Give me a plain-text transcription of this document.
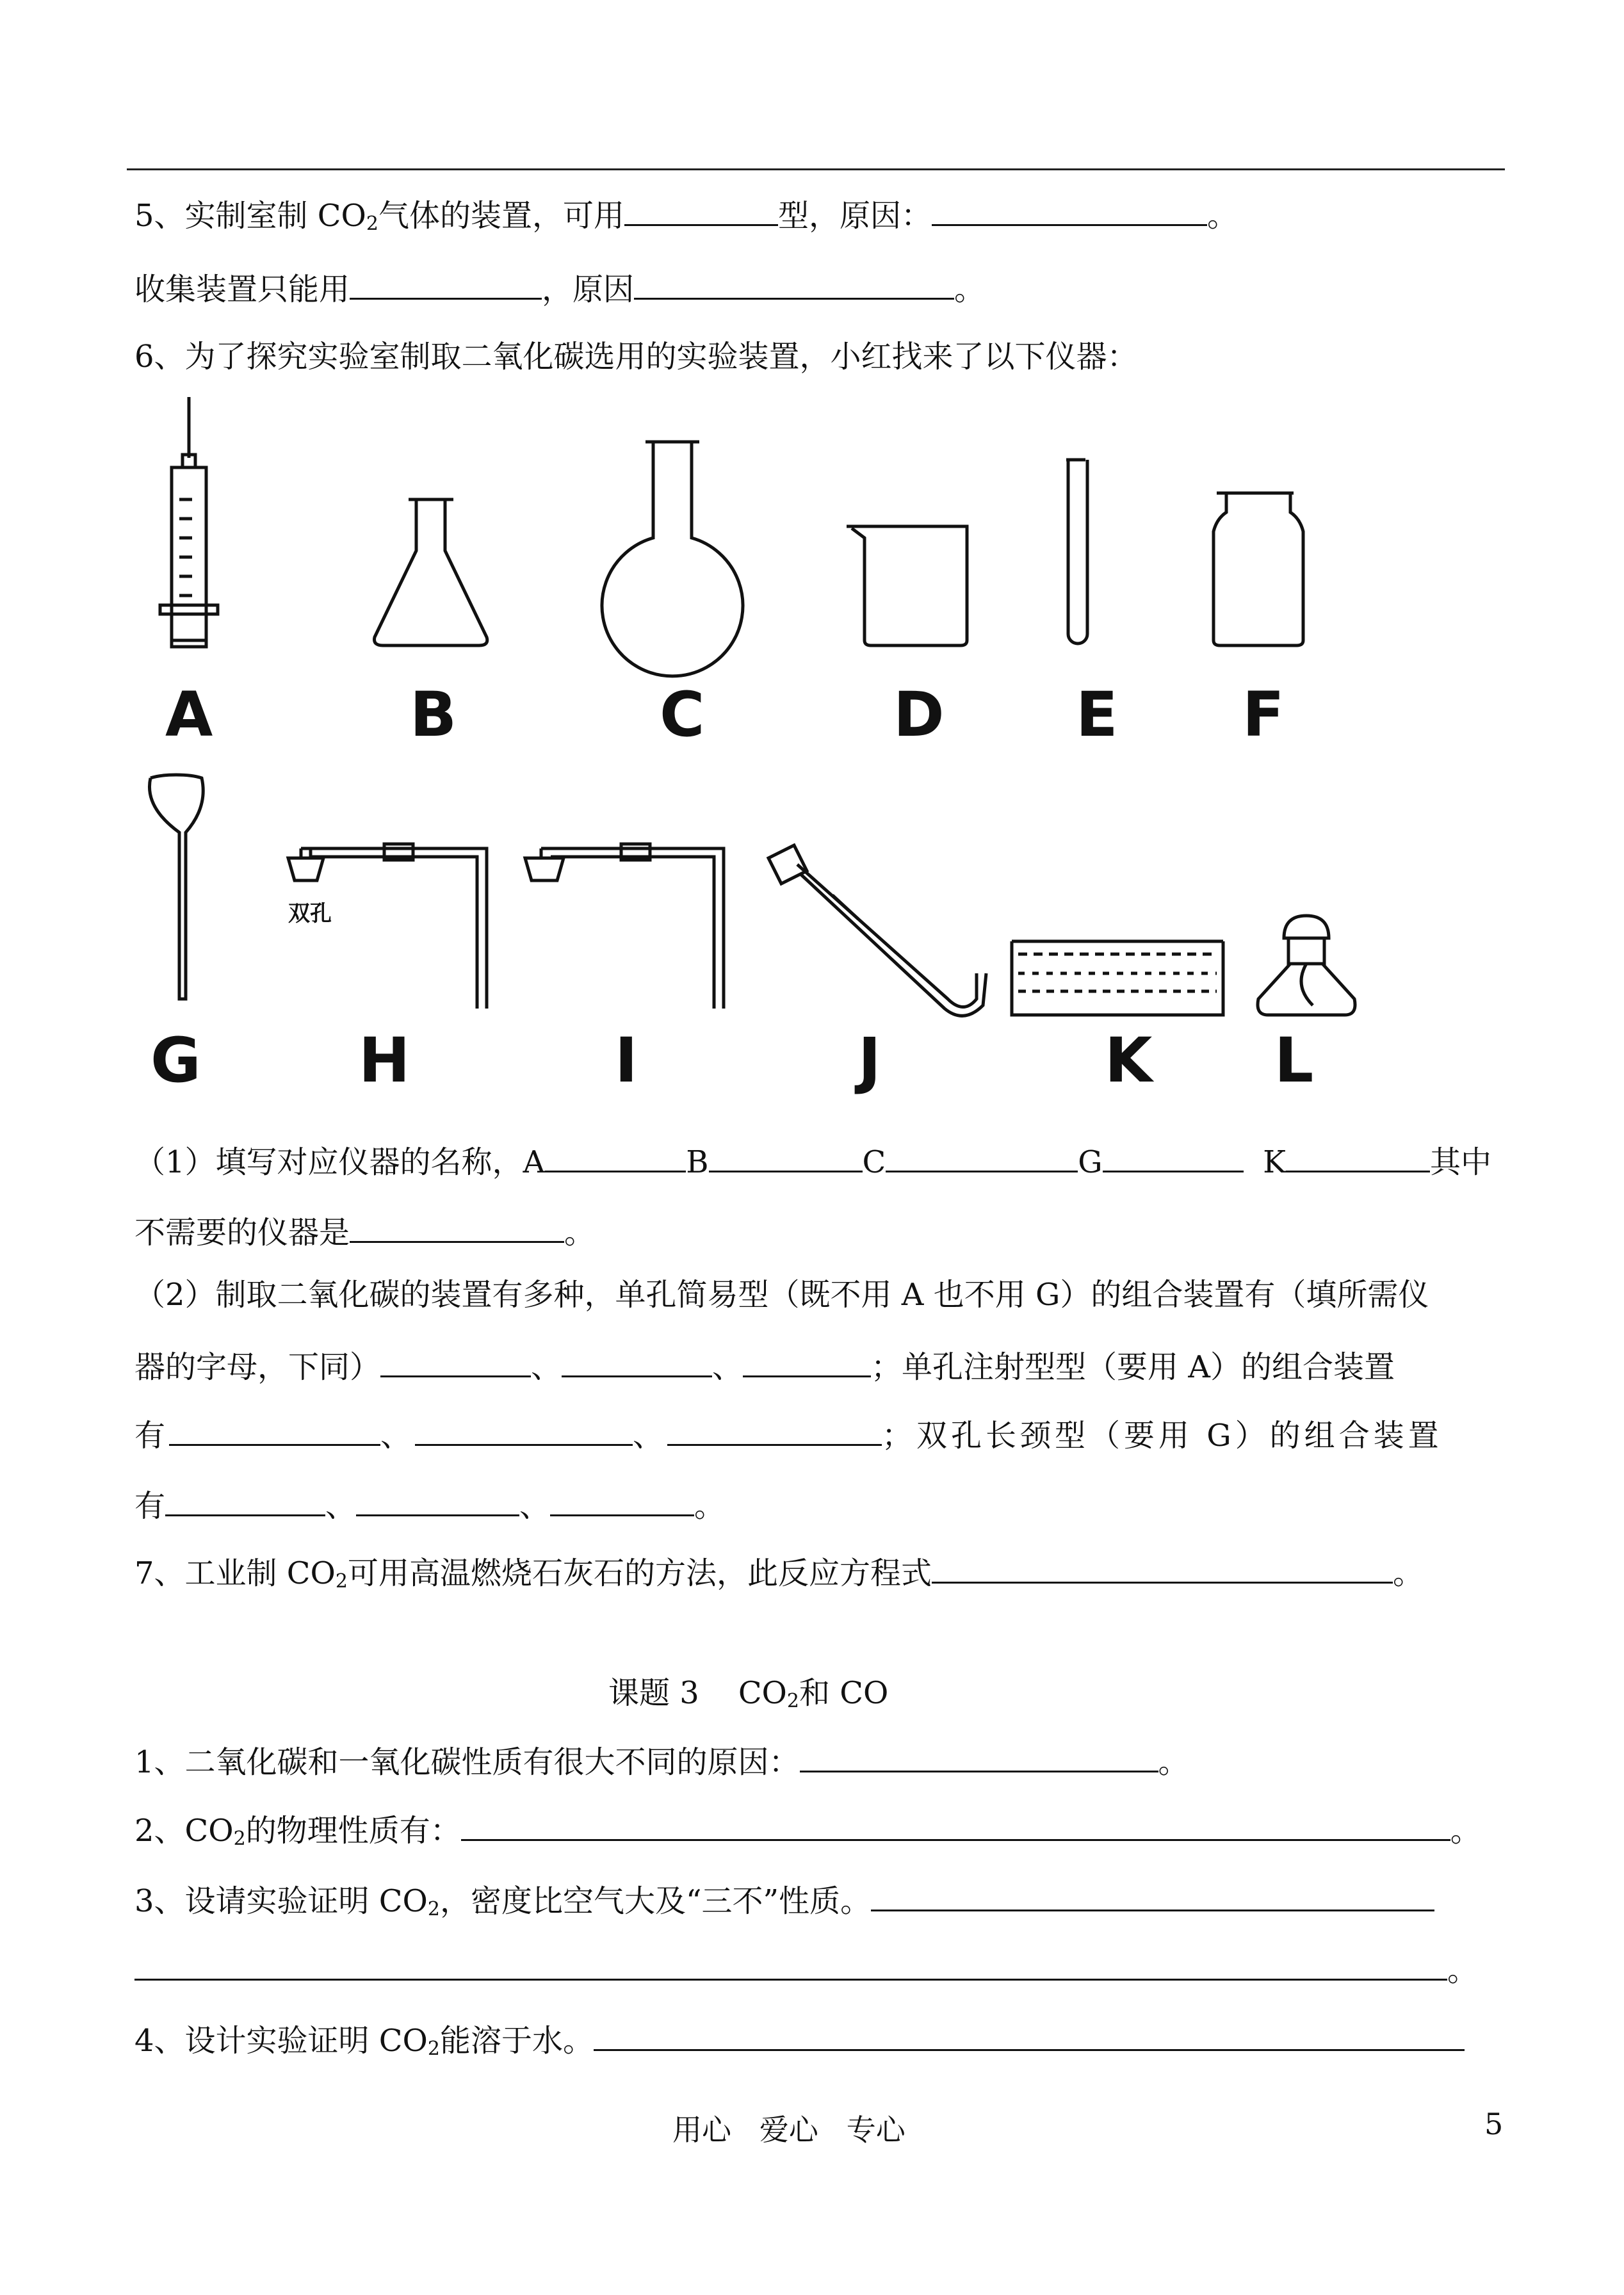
5、实制室制 $CO_2$气体的装置，可用	型，原因：	。
收集装置只能用	，原因	。
6、为了探究实验室制取二氧化碳选用的实验装置，小红找来了以下仪器：
双孔
A	B	C	D E F
G	H	I	J	K L
（1）填写对应仪器的名称，A	B	C	G	K	其中
不需要的仪器是	。
（2）制取二氧化碳的装置有多种，单孔简易型（既不用 A 也不用 G）的组合装置有（填所需仪
器的字母，下同）	、	、	；单孔注射型型（要用 A）的组合装置
有	、	、	；双孔长颈型（要用 G）的组合装置
有	、	、	。
7、工业制 $CO_2$可用高温燃烧石灰石的方法，此反应方程式	。
课题 3    $CO_2$和 CO
1、二氧化碳和一氧化碳性质有很大不同的原因：	。
2、$CO_2$的物理性质有：	。
3、设请实验证明 $CO_2$，密度比空气大及“三不”性质。
。
4、设计实验证明 $CO_2$能溶于水。
用心   爱心   专心	5
